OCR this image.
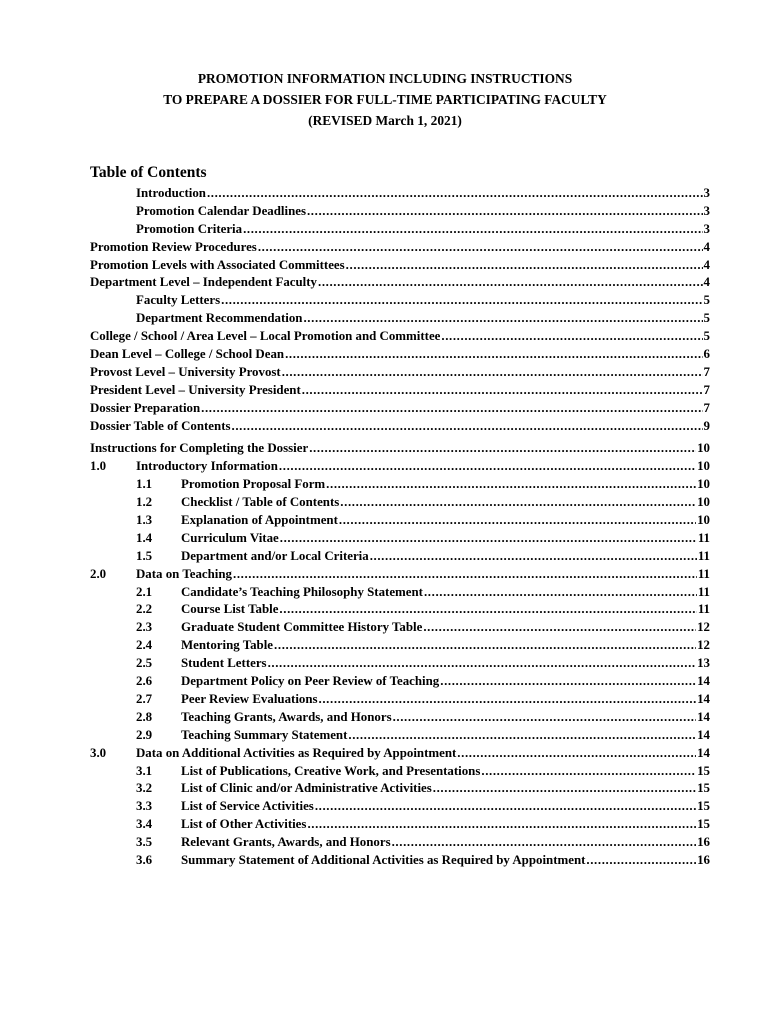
PROMOTION INFORMATION INCLUDING INSTRUCTIONS
TO PREPARE A DOSSIER FOR FULL-TIME PARTICIPATING FACULTY
(REVISED March 1, 2021)
Table of Contents
Introduction .....	3
Promotion Calendar Deadlines .....	3
Promotion Criteria .....	3
Promotion Review Procedures .....	4
Promotion Levels with Associated Committees .....	4
Department Level – Independent Faculty .....	4
Faculty Letters .....	5
Department Recommendation .....	5
College / School / Area Level – Local Promotion and Committee .....	5
Dean Level – College / School Dean .....	6
Provost Level – University Provost .....	7
President Level – University President .....	7
Dossier Preparation .....	7
Dossier Table of Contents .....	9
Instructions for Completing the Dossier .....	10
1.0 Introductory Information .....	10
1.1 Promotion Proposal Form .....	10
1.2 Checklist / Table of Contents .....	10
1.3 Explanation of Appointment .....	10
1.4 Curriculum Vitae .....	11
1.5 Department and/or Local Criteria .....	11
2.0 Data on Teaching .....	11
2.1 Candidate’s Teaching Philosophy Statement .....	11
2.2 Course List Table .....	11
2.3 Graduate Student Committee History Table .....	12
2.4 Mentoring Table .....	12
2.5 Student Letters .....	13
2.6 Department Policy on Peer Review of Teaching .....	14
2.7 Peer Review Evaluations .....	14
2.8 Teaching Grants, Awards, and Honors .....	14
2.9 Teaching Summary Statement .....	14
3.0 Data on Additional Activities as Required by Appointment .....	14
3.1 List of Publications, Creative Work, and Presentations .....	15
3.2 List of Clinic and/or Administrative Activities .....	15
3.3 List of Service Activities .....	15
3.4 List of Other Activities .....	15
3.5 Relevant Grants, Awards, and Honors .....	16
3.6 Summary Statement of Additional Activities as Required by Appointment .....	16
